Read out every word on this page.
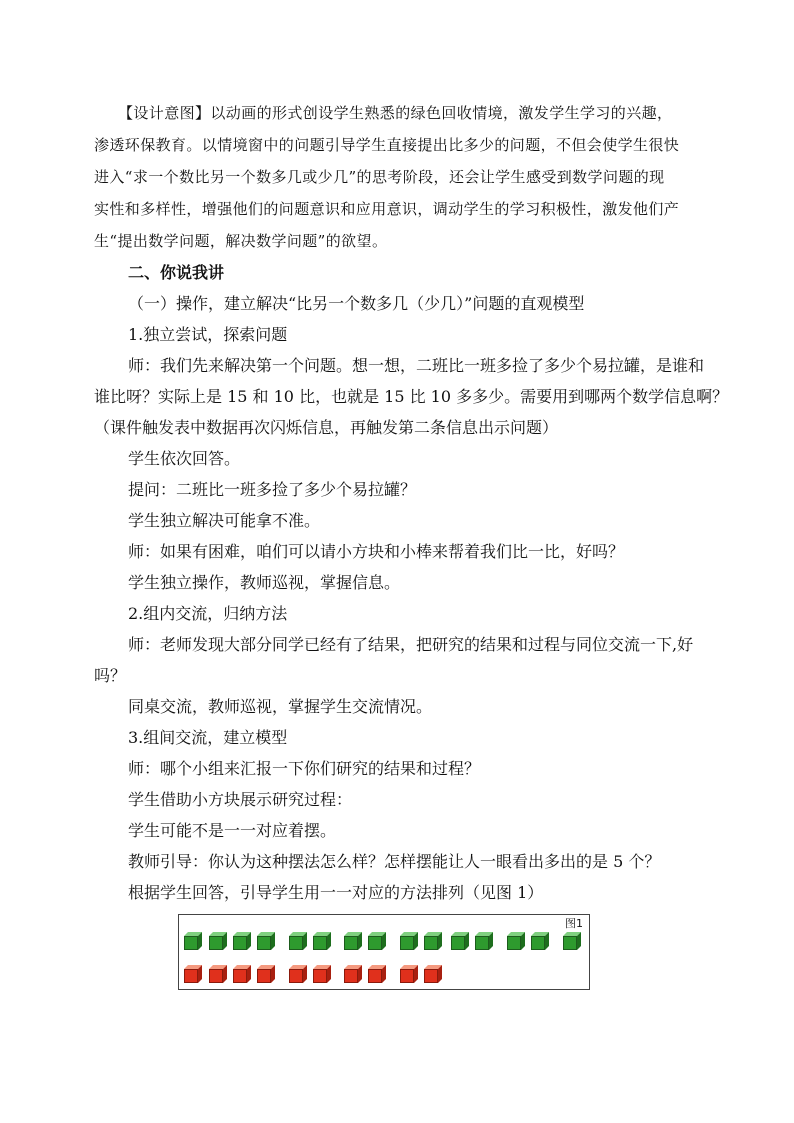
【设计意图】以动画的形式创设学生熟悉的绿色回收情境，激发学生学习的兴趣，
渗透环保教育。以情境窗中的问题引导学生直接提出比多少的问题，不但会使学生很快
进入“求一个数比另一个数多几或少几”的思考阶段，还会让学生感受到数学问题的现
实性和多样性，增强他们的问题意识和应用意识，调动学生的学习积极性，激发他们产
生“提出数学问题，解决数学问题”的欲望。
二、你说我讲
（一）操作，建立解决“比另一个数多几（少几）”问题的直观模型
1.独立尝试，探索问题
师：我们先来解决第一个问题。想一想，二班比一班多捡了多少个易拉罐，是谁和
谁比呀？实际上是 15 和 10 比，也就是 15 比 10 多多少。需要用到哪两个数学信息啊？
（课件触发表中数据再次闪烁信息，再触发第二条信息出示问题）
学生依次回答。
提问：二班比一班多捡了多少个易拉罐？
学生独立解决可能拿不准。
师：如果有困难，咱们可以请小方块和小棒来帮着我们比一比，好吗？
学生独立操作，教师巡视，掌握信息。
2.组内交流，归纳方法
师：老师发现大部分同学已经有了结果，把研究的结果和过程与同位交流一下,好
吗？
同桌交流，教师巡视，掌握学生交流情况。
3.组间交流，建立模型
师：哪个小组来汇报一下你们研究的结果和过程？
学生借助小方块展示研究过程：
学生可能不是一一对应着摆。
教师引导：你认为这种摆法怎么样？怎样摆能让人一眼看出多出的是 5 个？
根据学生回答，引导学生用一一对应的方法排列（见图 1）
图1
